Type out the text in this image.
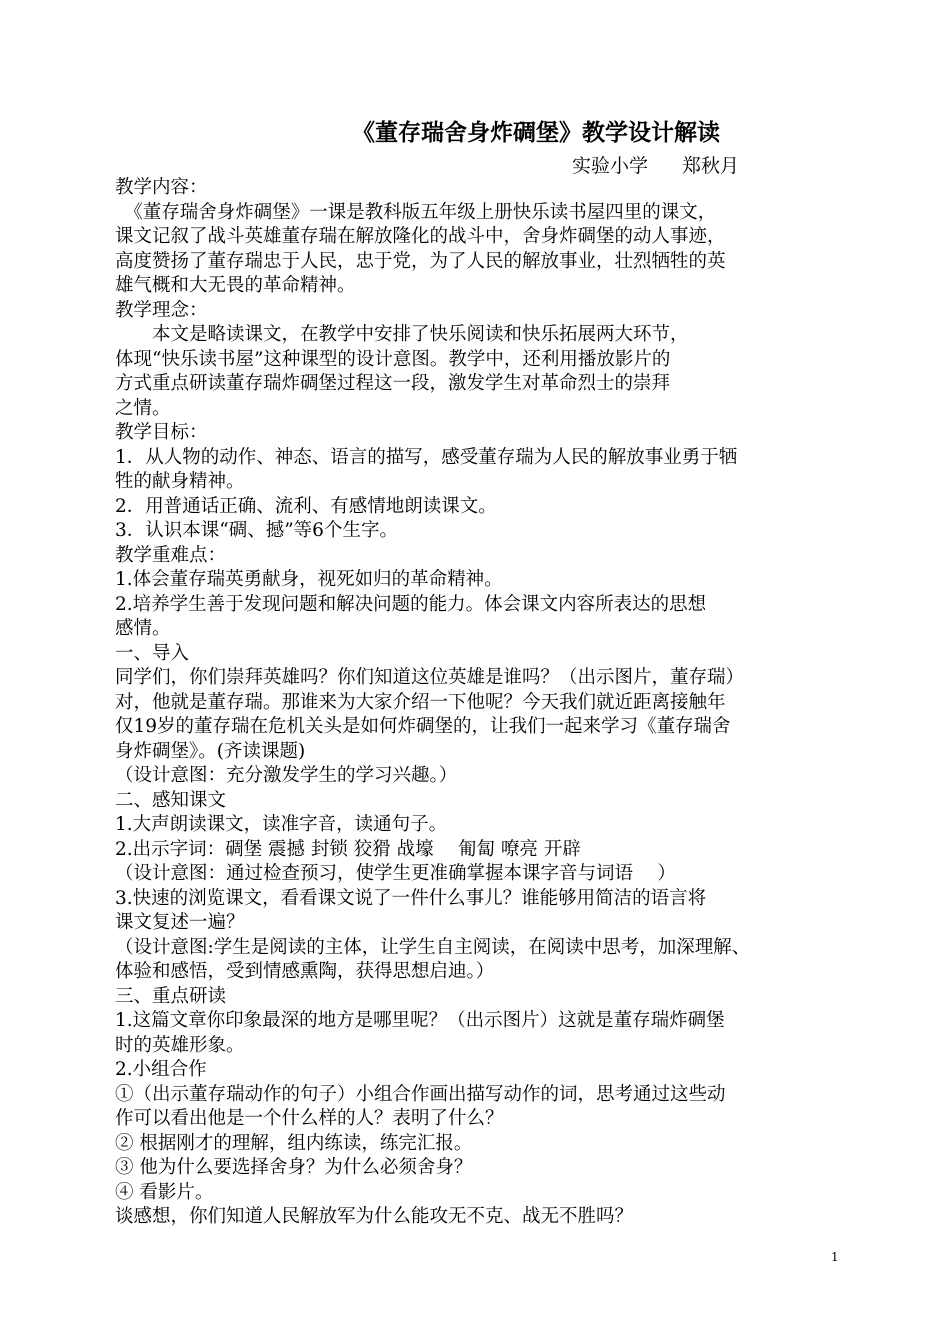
《董存瑞舍身炸碉堡》教学设计解读
实验小学 郑秋月
教学内容：
　《董存瑞舍身炸碉堡》一课是教科版五年级上册快乐读书屋四里的课文，
课文记叙了战斗英雄董存瑞在解放隆化的战斗中，舍身炸碉堡的动人事迹，
高度赞扬了董存瑞忠于人民，忠于党，为了人民的解放事业，壮烈牺牲的英
雄气概和大无畏的革命精神。
教学理念：
　　本文是略读课文，在教学中安排了快乐阅读和快乐拓展两大环节，
体现“快乐读书屋”这种课型的设计意图。教学中，还利用播放影片的
方式重点研读董存瑞炸碉堡过程这一段，激发学生对革命烈士的崇拜
之情。
教学目标：
1．从人物的动作、神态、语言的描写，感受董存瑞为人民的解放事业勇于牺
牲的献身精神。
2．用普通话正确、流利、有感情地朗读课文。
3．认识本课“碉、撼”等6个生字。
教学重难点：
1.体会董存瑞英勇献身，视死如归的革命精神。
2.培养学生善于发现问题和解决问题的能力。体会课文内容所表达的思想
感情。
一、导入
同学们，你们崇拜英雄吗？你们知道这位英雄是谁吗？（出示图片，董存瑞）
对，他就是董存瑞。那谁来为大家介绍一下他呢？今天我们就近距离接触年
仅19岁的董存瑞在危机关头是如何炸碉堡的，让我们一起来学习《董存瑞舍
身炸碉堡》。(齐读课题)
（设计意图：充分激发学生的学习兴趣。）
二、感知课文
1.大声朗读课文，读准字音，读通句子。
2.出示字词：碉堡 震撼 封锁 狡猾 战壕　 匍匐 嘹亮 开辟
（设计意图：通过检查预习，使学生更准确掌握本课字音与词语　 ）
3.快速的浏览课文，看看课文说了一件什么事儿？谁能够用简洁的语言将
课文复述一遍？
（设计意图:学生是阅读的主体，让学生自主阅读，在阅读中思考，加深理解、
体验和感悟，受到情感熏陶，获得思想启迪。）
三、重点研读
1.这篇文章你印象最深的地方是哪里呢？（出示图片）这就是董存瑞炸碉堡
时的英雄形象。
2.小组合作
①（出示董存瑞动作的句子）小组合作画出描写动作的词，思考通过这些动
作可以看出他是一个什么样的人？表明了什么？
② 根据刚才的理解，组内练读，练完汇报。
③ 他为什么要选择舍身？为什么必须舍身？
④ 看影片。
谈感想，你们知道人民解放军为什么能攻无不克、战无不胜吗？
1
